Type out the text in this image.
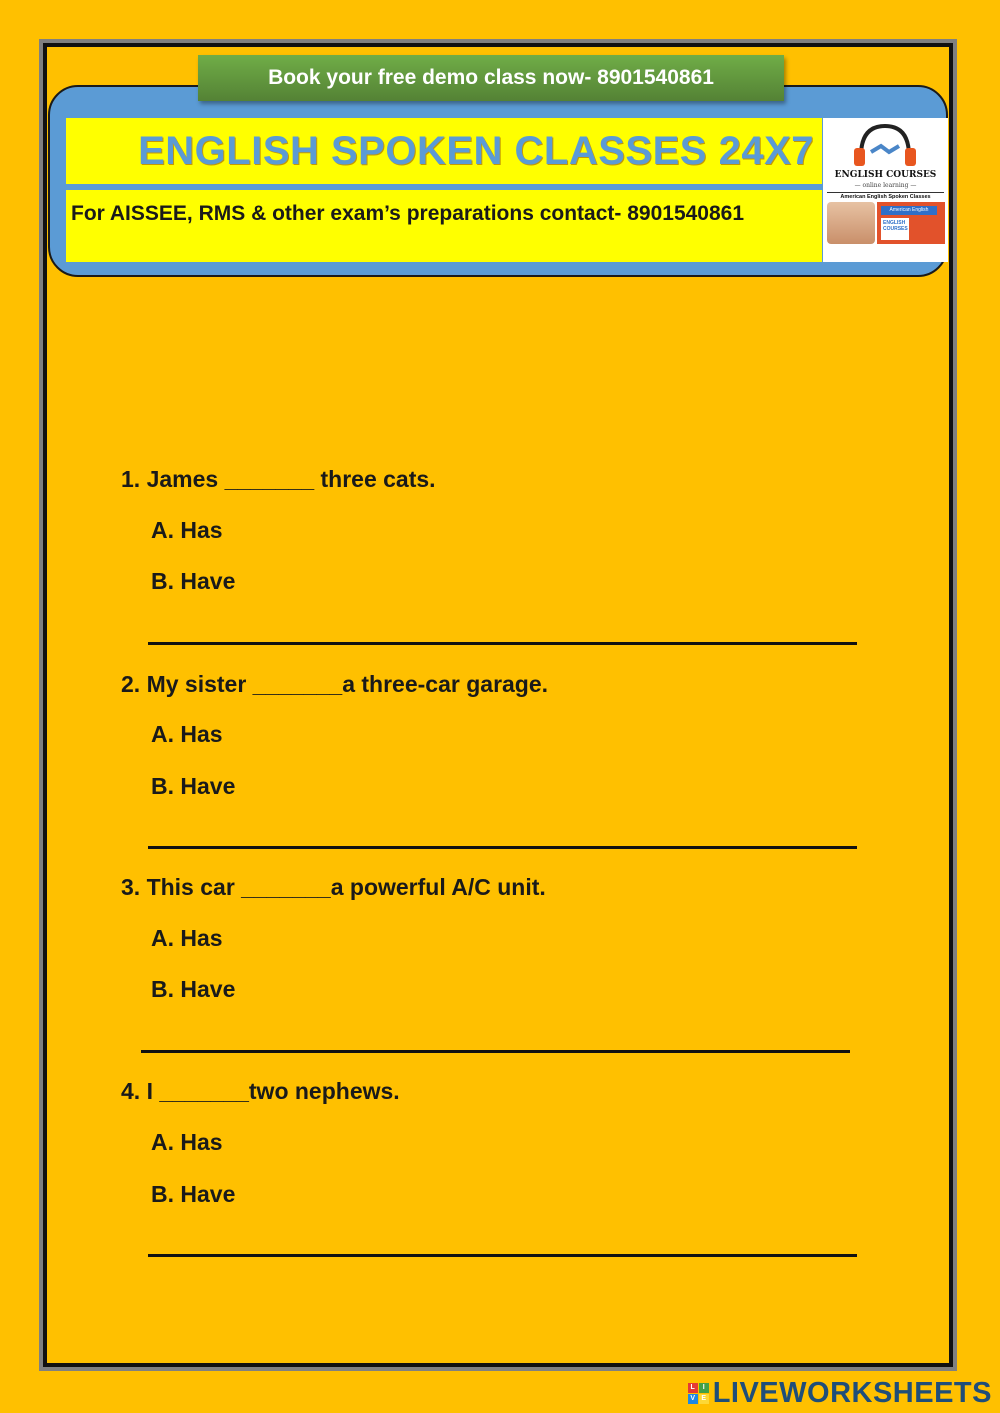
Book your free demo class now- 8901540861
ENGLISH SPOKEN CLASSES 24X7
For AISSEE, RMS & other exam’s preparations contact- 8901540861
ENGLISH COURSES
— online learning —
American English Spoken Classes
American English
ENGLISH COURSES
1. James _______ three cats.
A. Has
B. Have
2. My sister _______a three-car garage.
A. Has
B. Have
3. This car _______a powerful A/C unit.
A. Has
B. Have
4. I _______two nephews.
A. Has
B. Have
L	I
V E LIVEWORKSHEETS
